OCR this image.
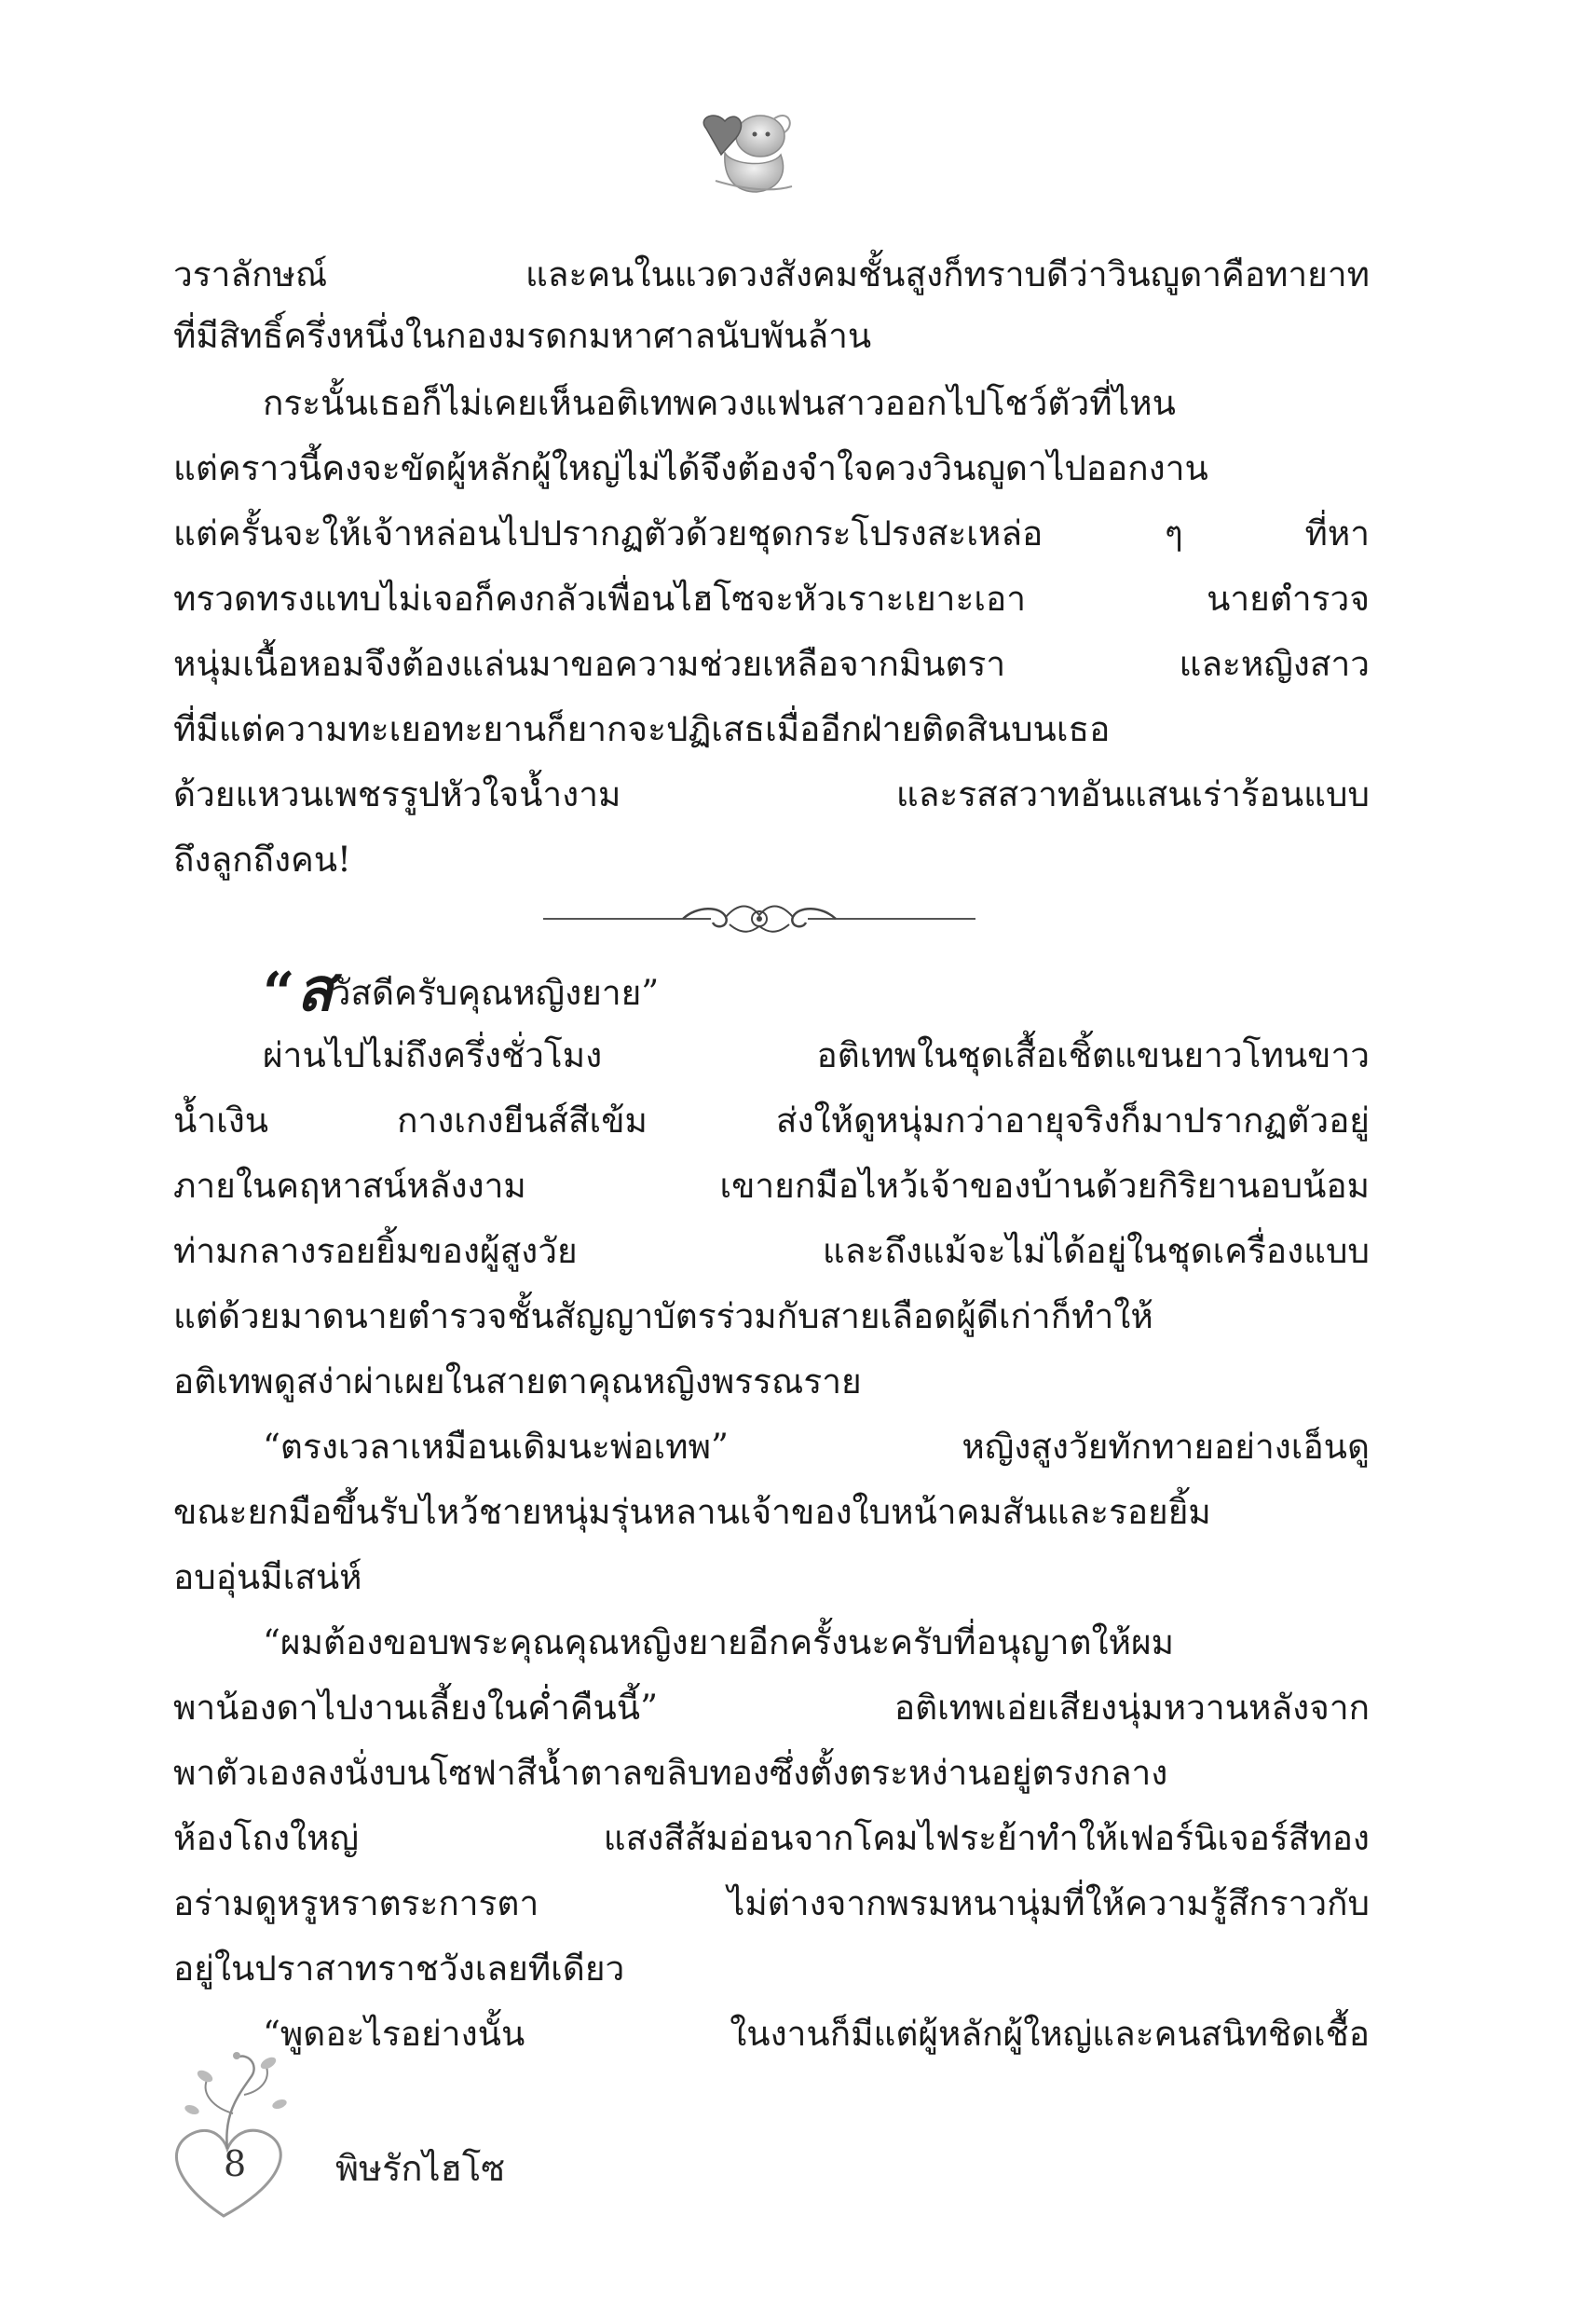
วราลักษณ์ และคนในแวดวงสังคมชั้นสูงก็ทราบดีว่าวินญูดาคือทายาท
ที่มีสิทธิ์ครึ่งหนึ่งในกองมรดกมหาศาลนับพันล้าน
กระนั้นเธอก็ไม่เคยเห็นอติเทพควงแฟนสาวออกไปโชว์ตัวที่ไหน
แต่คราวนี้คงจะขัดผู้หลักผู้ใหญ่ไม่ได้จึงต้องจำใจควงวินญูดาไปออกงาน
แต่ครั้นจะให้เจ้าหล่อนไปปรากฏตัวด้วยชุดกระโปรงสะเหล่อ ๆ ที่หา
ทรวดทรงแทบไม่เจอก็คงกลัวเพื่อนไฮโซจะหัวเราะเยาะเอา นายตำรวจ
หนุ่มเนื้อหอมจึงต้องแล่นมาขอความช่วยเหลือจากมินตรา และหญิงสาว
ที่มีแต่ความทะเยอทะยานก็ยากจะปฏิเสธเมื่ออีกฝ่ายติดสินบนเธอ
ด้วยแหวนเพชรรูปหัวใจน้ำงาม และรสสวาทอันแสนเร่าร้อนแบบ
ถึงลูกถึงคน!
“สวัสดีครับคุณหญิงยาย”
ผ่านไปไม่ถึงครึ่งชั่วโมง อติเทพในชุดเสื้อเชิ้ตแขนยาวโทนขาว
น้ำเงิน กางเกงยีนส์สีเข้ม ส่งให้ดูหนุ่มกว่าอายุจริงก็มาปรากฏตัวอยู่
ภายในคฤหาสน์หลังงาม เขายกมือไหว้เจ้าของบ้านด้วยกิริยานอบน้อม
ท่ามกลางรอยยิ้มของผู้สูงวัย และถึงแม้จะไม่ได้อยู่ในชุดเครื่องแบบ
แต่ด้วยมาดนายตำรวจชั้นสัญญาบัตรร่วมกับสายเลือดผู้ดีเก่าก็ทำให้
อติเทพดูสง่าผ่าเผยในสายตาคุณหญิงพรรณราย
“ตรงเวลาเหมือนเดิมนะพ่อเทพ” หญิงสูงวัยทักทายอย่างเอ็นดู
ขณะยกมือขึ้นรับไหว้ชายหนุ่มรุ่นหลานเจ้าของใบหน้าคมสันและรอยยิ้ม
อบอุ่นมีเสน่ห์
“ผมต้องขอบพระคุณคุณหญิงยายอีกครั้งนะครับที่อนุญาตให้ผม
พาน้องดาไปงานเลี้ยงในค่ำคืนนี้” อติเทพเอ่ยเสียงนุ่มหวานหลังจาก
พาตัวเองลงนั่งบนโซฟาสีน้ำตาลขลิบทองซึ่งตั้งตระหง่านอยู่ตรงกลาง
ห้องโถงใหญ่ แสงสีส้มอ่อนจากโคมไฟระย้าทำให้เฟอร์นิเจอร์สีทอง
อร่ามดูหรูหราตระการตา ไม่ต่างจากพรมหนานุ่มที่ให้ความรู้สึกราวกับ
อยู่ในปราสาทราชวังเลยทีเดียว
“พูดอะไรอย่างนั้น ในงานก็มีแต่ผู้หลักผู้ใหญ่และคนสนิทชิดเชื้อ
8	พิษรักไฮโซ
